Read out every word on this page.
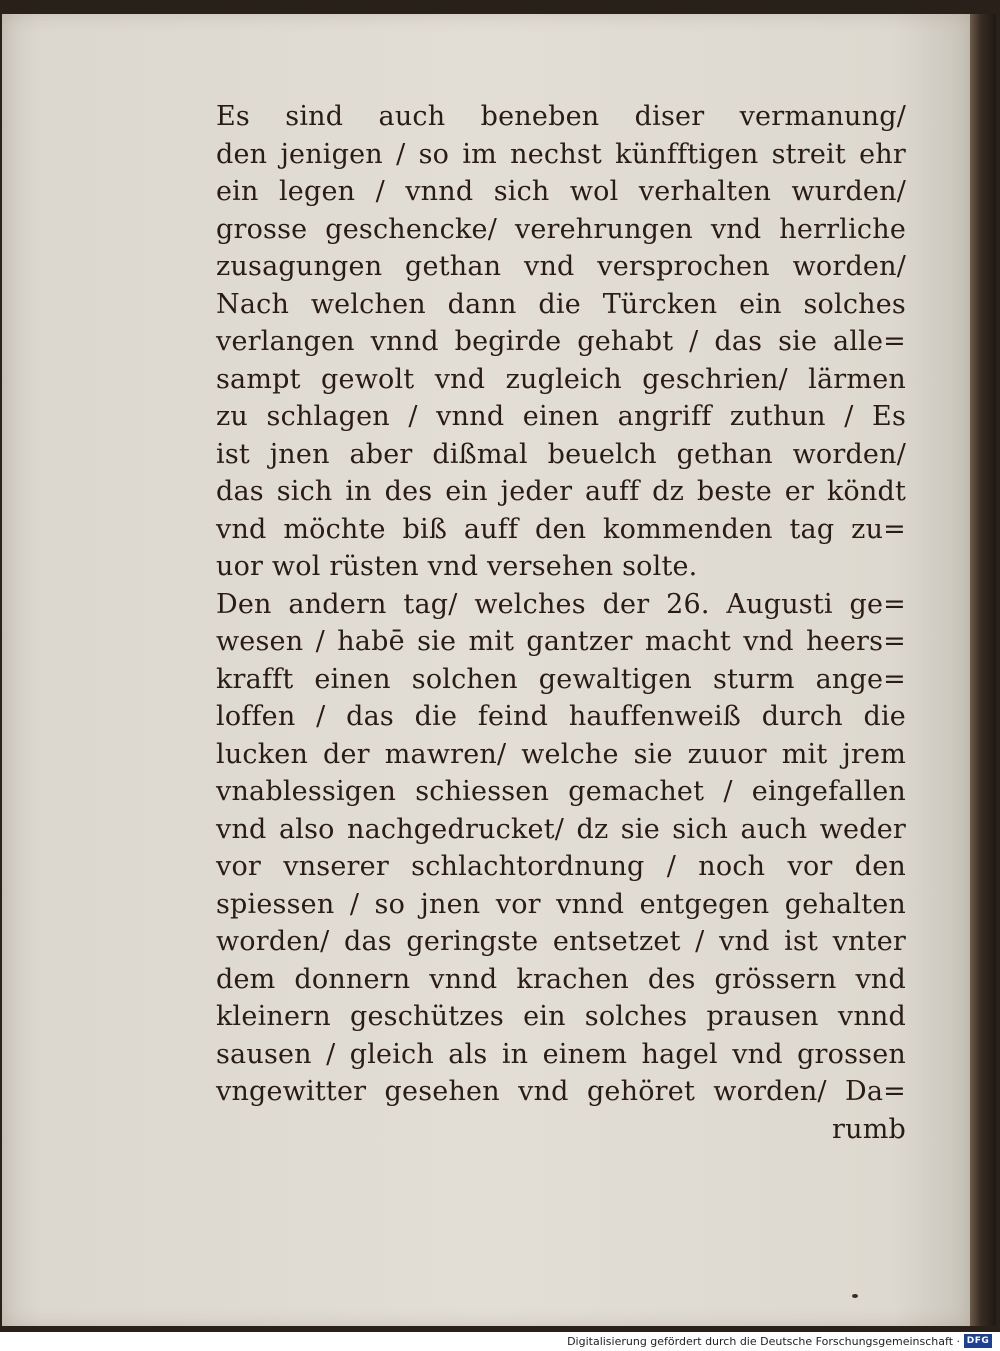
Es sind auch beneben diser vermanung/
den jenigen / so im nechst künfftigen streit ehr
ein legen / vnnd sich wol verhalten wurden/
grosse geschencke/ verehrungen vnd herrliche
zusagungen gethan vnd versprochen worden/
Nach welchen dann die Türcken ein solches
verlangen vnnd begirde gehabt / das sie alle=
sampt gewolt vnd zugleich geschrien/ lärmen
zu schlagen / vnnd einen angriff zuthun / Es
ist jnen aber dißmal beuelch gethan worden/
das sich in des ein jeder auff dz beste er köndt
vnd möchte biß auff den kommenden tag zu=
uor wol rüsten vnd versehen solte.
Den andern tag/ welches der 26. Augusti ge=
wesen / habē sie mit gantzer macht vnd heers=
krafft einen solchen gewaltigen sturm ange=
loffen / das die feind hauffenweiß durch die
lucken der mawren/ welche sie zuuor mit jrem
vnablessigen schiessen gemachet / eingefallen
vnd also nachgedrucket/ dz sie sich auch weder
vor vnserer schlachtordnung / noch vor den
spiessen / so jnen vor vnnd entgegen gehalten
worden/ das geringste entsetzet / vnd ist vnter
dem donnern vnnd krachen des grössern vnd
kleinern geschützes ein solches prausen vnnd
sausen / gleich als in einem hagel vnd grossen
vngewitter gesehen vnd gehöret worden/ Da=
rumb
Digitalisierung gefördert durch die Deutsche Forschungsgemeinschaft · DFG
